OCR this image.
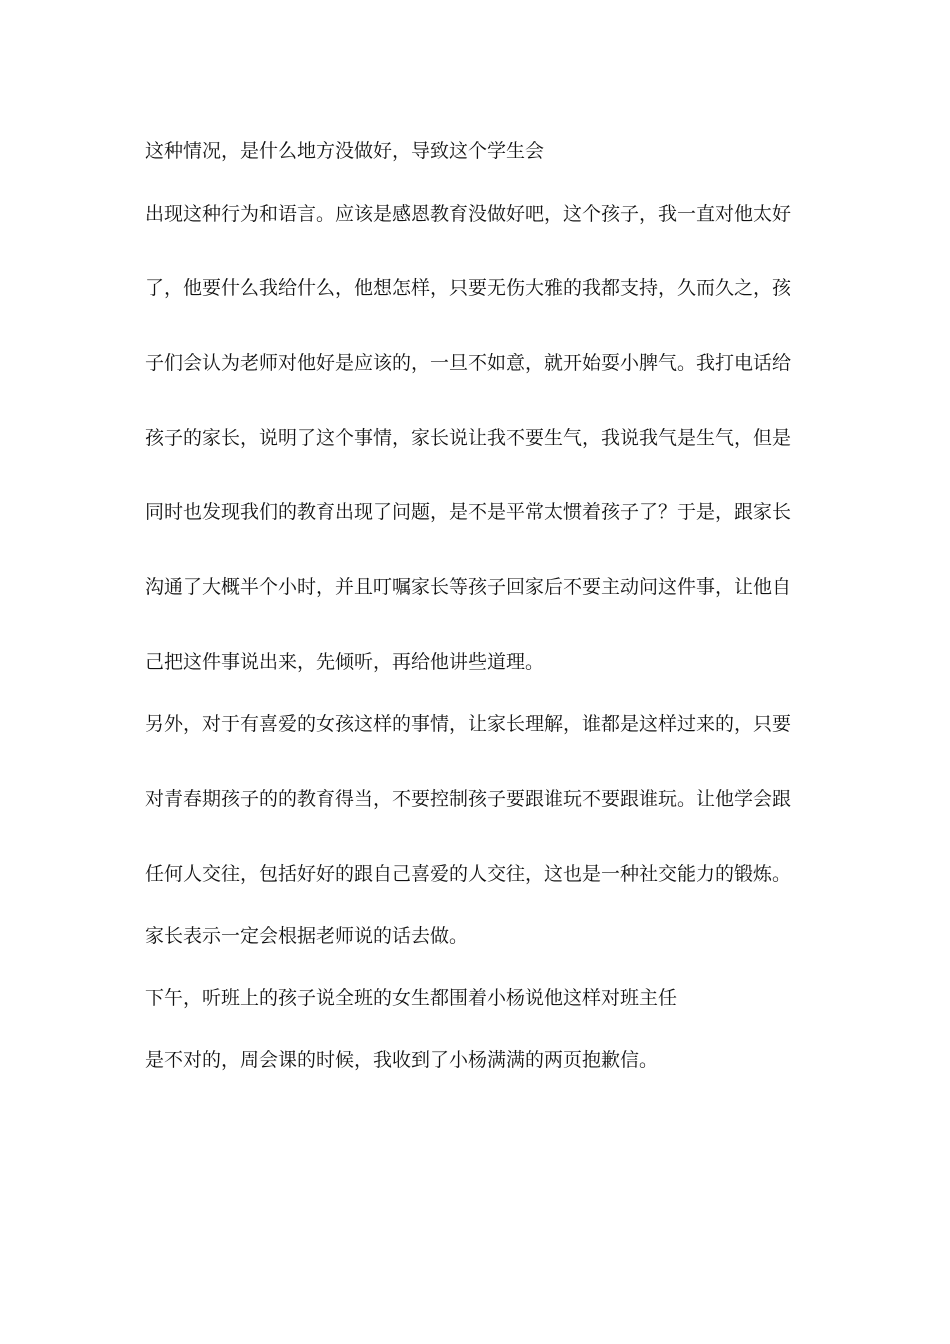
这种情况，是什么地方没做好，导致这个学生会
出现这种行为和语言。应该是感恩教育没做好吧，这个孩子，我一直对他太好
了，他要什么我给什么，他想怎样，只要无伤大雅的我都支持，久而久之，孩
子们会认为老师对他好是应该的，一旦不如意，就开始耍小脾气。我打电话给
孩子的家长，说明了这个事情，家长说让我不要生气，我说我气是生气，但是
同时也发现我们的教育出现了问题，是不是平常太惯着孩子了？于是，跟家长
沟通了大概半个小时，并且叮嘱家长等孩子回家后不要主动问这件事，让他自
己把这件事说出来，先倾听，再给他讲些道理。
另外，对于有喜爱的女孩这样的事情，让家长理解，谁都是这样过来的，只要
对青春期孩子的的教育得当，不要控制孩子要跟谁玩不要跟谁玩。让他学会跟
任何人交往，包括好好的跟自己喜爱的人交往，这也是一种社交能力的锻炼。
家长表示一定会根据老师说的话去做。
下午，听班上的孩子说全班的女生都围着小杨说他这样对班主任
是不对的，周会课的时候，我收到了小杨满满的两页抱歉信。
